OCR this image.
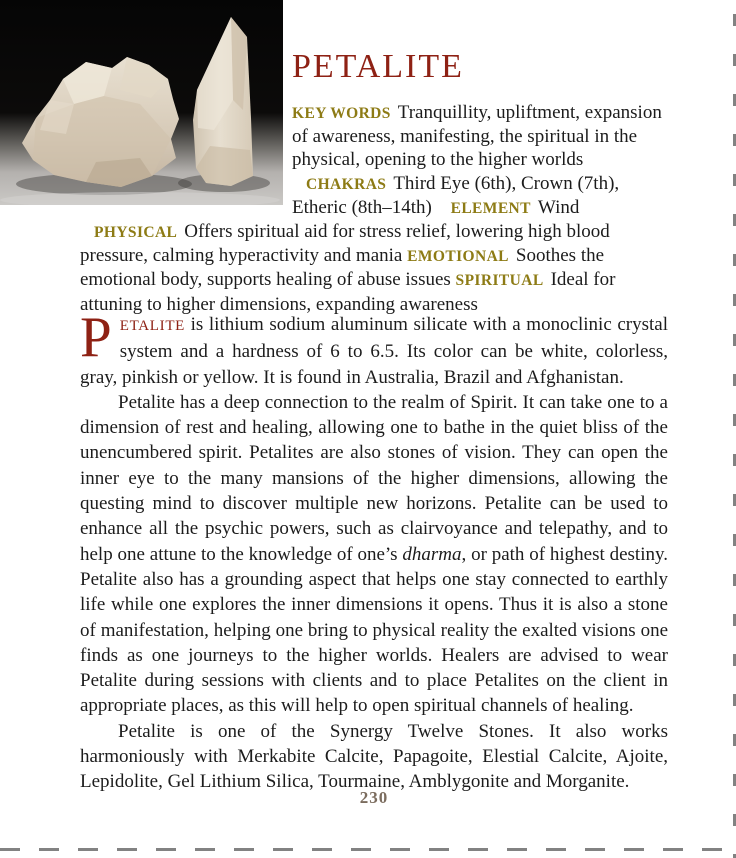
PETALITE
KEY WORDS Tranquillity, upliftment, expansion of awareness, manifesting, the spiritual in the physical, opening to the higher worlds CHAKRAS Third Eye (6th), Crown (7th), Etheric (8th–14th) ELEMENT Wind PHYSICAL Offers spiritual aid for stress relief, lowering high blood pressure, calming hyperactivity and mania EMOTIONAL Soothes the emotional body, supports healing of abuse issues SPIRITUAL Ideal for attuning to higher dimensions, expanding awareness

PETALITE is lithium sodium aluminum silicate with a monoclinic crystal system and a hardness of 6 to 6.5. Its color can be white, colorless, gray, pinkish or yellow. It is found in Australia, Brazil and Afghanistan.

Petalite has a deep connection to the realm of Spirit. It can take one to a dimension of rest and healing, allowing one to bathe in the quiet bliss of the unencumbered spirit. Petalites are also stones of vision. They can open the inner eye to the many mansions of the higher dimensions, allowing the questing mind to discover multiple new horizons. Petalite can be used to enhance all the psychic powers, such as clairvoyance and telepathy, and to help one attune to the knowledge of one’s dharma, or path of highest destiny. Petalite also has a grounding aspect that helps one stay connected to earthly life while one explores the inner dimensions it opens. Thus it is also a stone of manifestation, helping one bring to physical reality the exalted visions one finds as one journeys to the higher worlds. Healers are advised to wear Petalite during sessions with clients and to place Petalites on the client in appropriate places, as this will help to open spiritual channels of healing.

Petalite is one of the Synergy Twelve Stones. It also works harmoniously with Merkabite Calcite, Papagoite, Elestial Calcite, Ajoite, Lepidolite, Gel Lithium Silica, Tourmaine, Amblygonite and Morganite.

230
